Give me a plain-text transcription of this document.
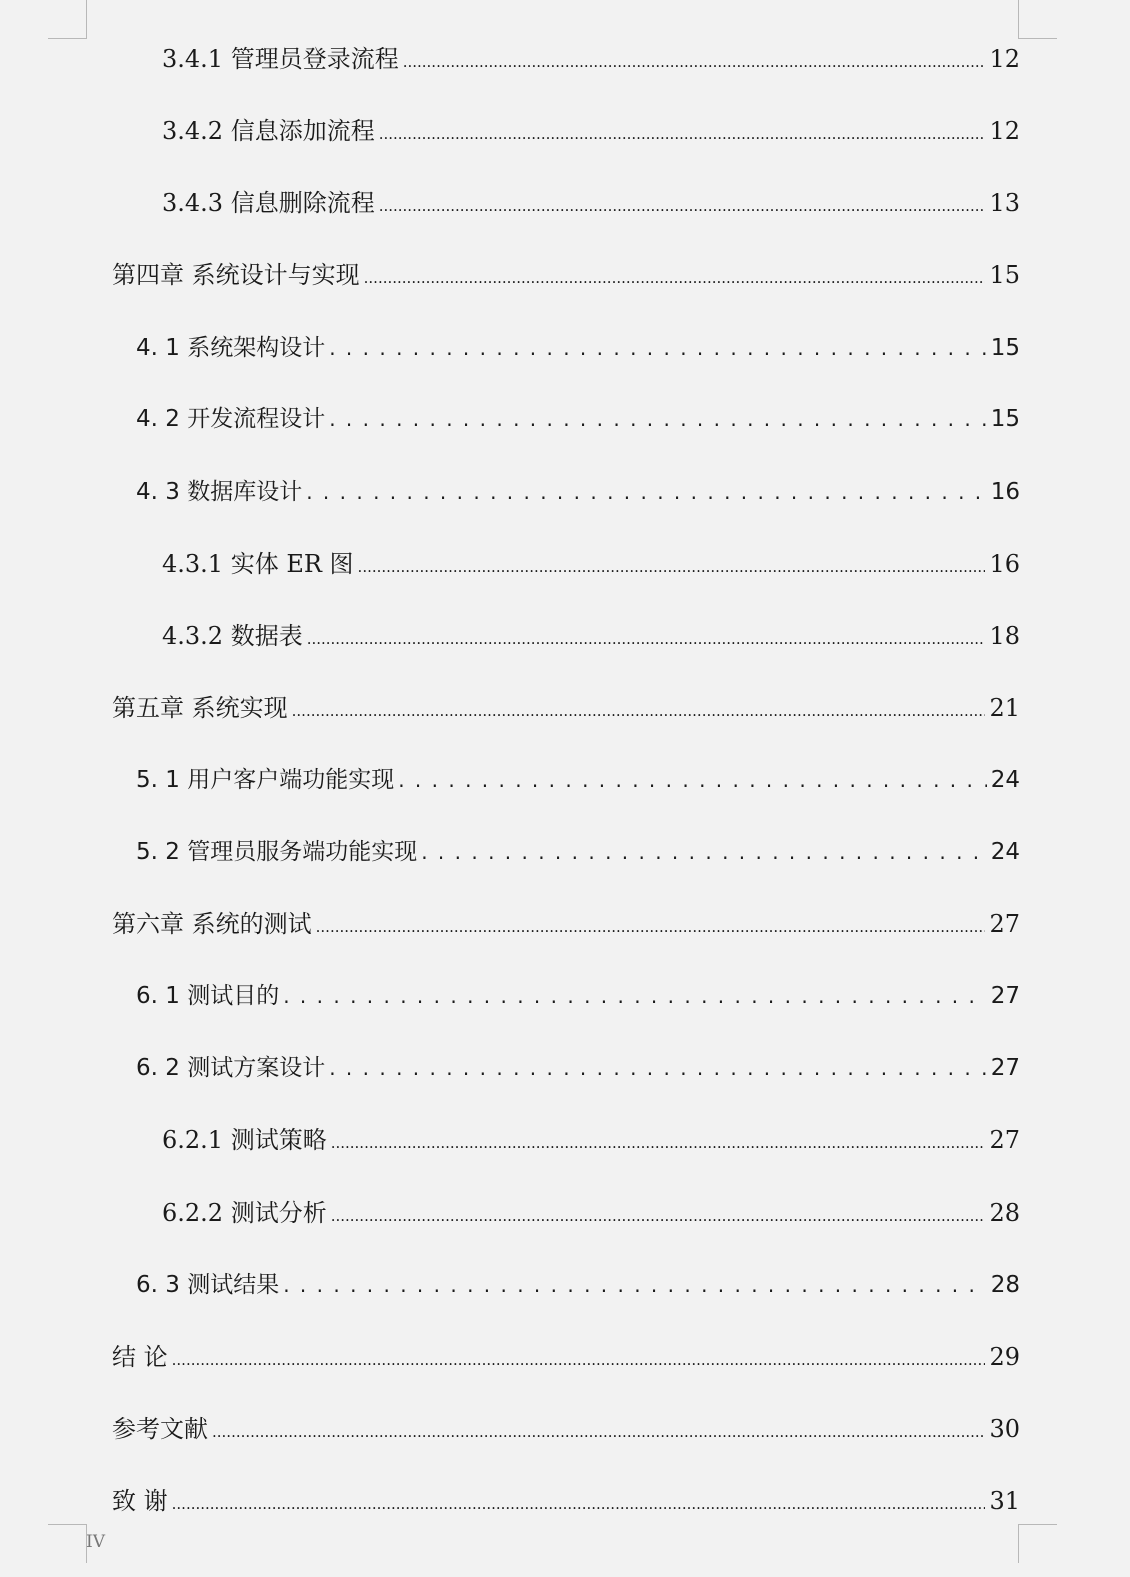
3.4.1 管理员登录流程 .....	12
3.4.2 信息添加流程 .....	12
3.4.3 信息删除流程 .....	13
第四章 系统设计与实现 .....	15
4. 1 系统架构设计 . . .	15
4. 2 开发流程设计 . . .	15
4. 3 数据库设计 . . .	16
4.3.1 实体 ER 图 .....	16
4.3.2 数据表 .....	18
第五章 系统实现 .....	21
5. 1 用户客户端功能实现 . . .	24
5. 2 管理员服务端功能实现 . . .	24
第六章 系统的测试 .....	27
6. 1 测试目的 . . .	27
6. 2 测试方案设计 . . .	27
6.2.1 测试策略 .....	27
6.2.2 测试分析 .....	28
6. 3 测试结果 . . .	28
结 论 .....	29
参考文献 .....	30
致 谢 .....	31
IV
